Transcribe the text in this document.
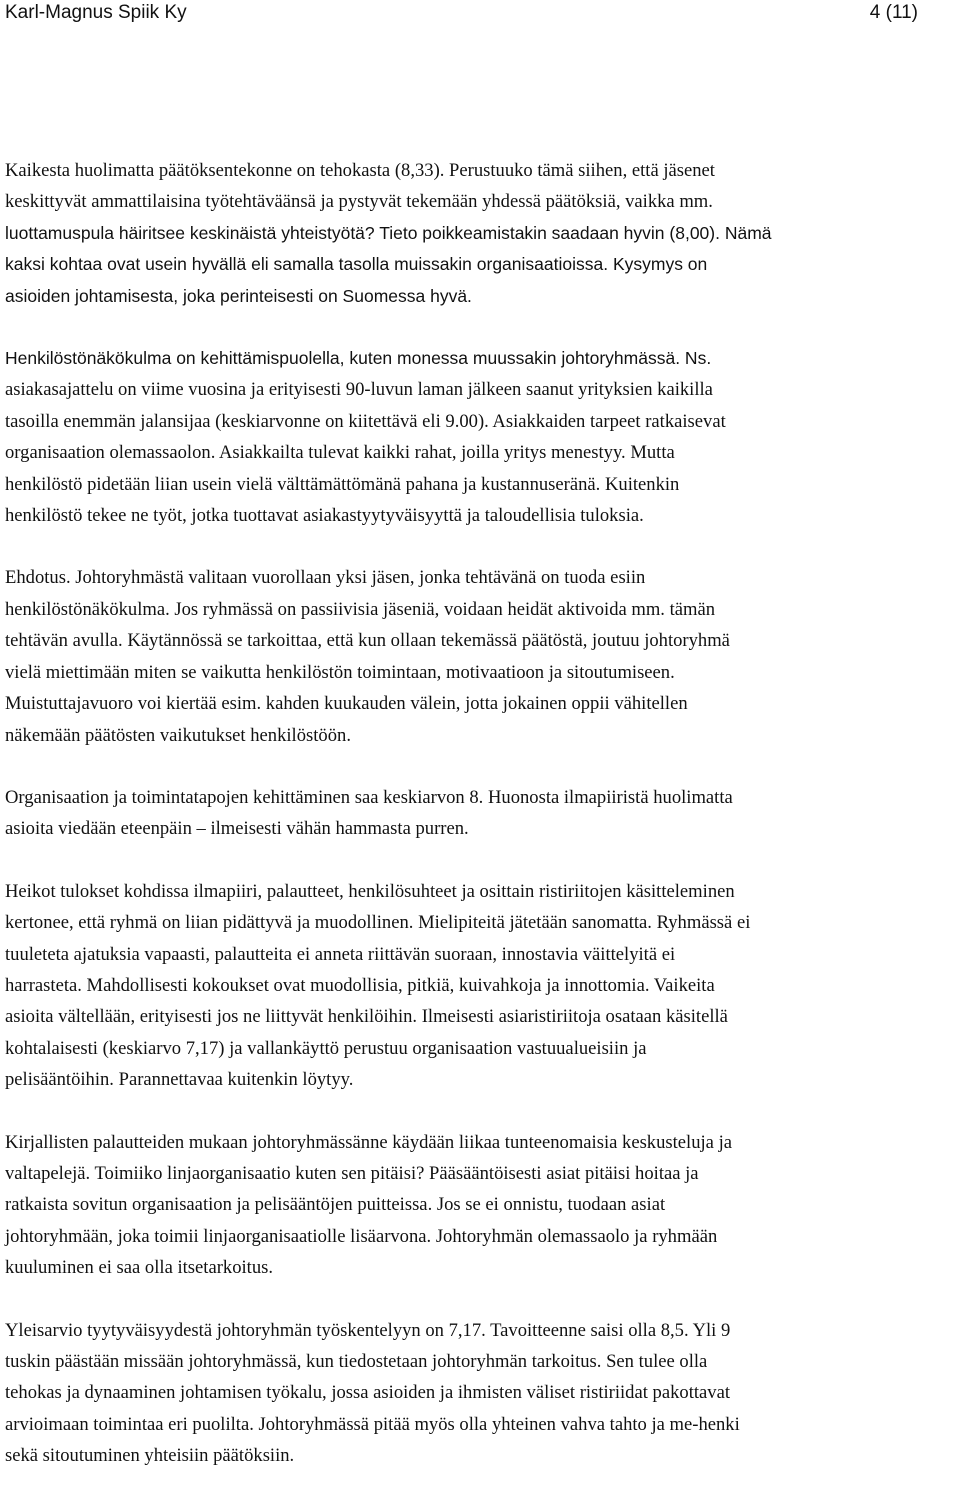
Karl-Magnus Spiik Ky	4 (11)
Kaikesta huolimatta päätöksentekonne on tehokasta (8,33). Perustuuko tämä siihen, että jäsenet
keskittyvät ammattilaisina työtehtäväänsä ja pystyvät tekemään yhdessä päätöksiä, vaikka mm.
luottamuspula häiritsee keskinäistä yhteistyötä? Tieto poikkeamistakin saadaan hyvin (8,00). Nämä
kaksi kohtaa ovat usein hyvällä eli samalla tasolla muissakin organisaatioissa. Kysymys on
asioiden johtamisesta, joka perinteisesti on Suomessa hyvä.
Henkilöstönäkökulma on kehittämispuolella, kuten monessa muussakin johtoryhmässä. Ns.
asiakasajattelu on viime vuosina ja erityisesti 90-luvun laman jälkeen saanut yrityksien kaikilla
tasoilla enemmän jalansijaa (keskiarvonne on kiitettävä eli 9.00). Asiakkaiden tarpeet ratkaisevat
organisaation olemassaolon. Asiakkailta tulevat kaikki rahat, joilla yritys menestyy. Mutta
henkilöstö pidetään liian usein vielä välttämättömänä pahana ja kustannuseränä. Kuitenkin
henkilöstö tekee ne työt, jotka tuottavat asiakastyytyväisyyttä ja taloudellisia tuloksia.
Ehdotus. Johtoryhmästä valitaan vuorollaan yksi jäsen, jonka tehtävänä on tuoda esiin
henkilöstönäkökulma. Jos ryhmässä on passiivisia jäseniä, voidaan heidät aktivoida mm. tämän
tehtävän avulla. Käytännössä se tarkoittaa, että kun ollaan tekemässä päätöstä, joutuu johtoryhmä
vielä miettimään miten se vaikutta henkilöstön toimintaan, motivaatioon ja sitoutumiseen.
Muistuttajavuoro voi kiertää esim. kahden kuukauden välein, jotta jokainen oppii vähitellen
näkemään päätösten vaikutukset henkilöstöön.
Organisaation ja toimintatapojen kehittäminen saa keskiarvon 8. Huonosta ilmapiiristä huolimatta
asioita viedään eteenpäin – ilmeisesti vähän hammasta purren.
Heikot tulokset kohdissa ilmapiiri, palautteet, henkilösuhteet ja osittain ristiriitojen käsitteleminen
kertonee, että ryhmä on liian pidättyvä ja muodollinen. Mielipiteitä jätetään sanomatta. Ryhmässä ei
tuuleteta ajatuksia vapaasti, palautteita ei anneta riittävän suoraan, innostavia väittelyitä ei
harrasteta. Mahdollisesti kokoukset ovat muodollisia, pitkiä, kuivahkoja ja innottomia. Vaikeita
asioita vältellään, erityisesti jos ne liittyvät henkilöihin. Ilmeisesti asiaristiriitoja osataan käsitellä
kohtalaisesti (keskiarvo 7,17) ja vallankäyttö perustuu organisaation vastuualueisiin ja
pelisääntöihin. Parannettavaa kuitenkin löytyy.
Kirjallisten palautteiden mukaan johtoryhmässänne käydään liikaa tunteenomaisia keskusteluja ja
valtapelejä. Toimiiko linjaorganisaatio kuten sen pitäisi? Pääsääntöisesti asiat pitäisi hoitaa ja
ratkaista sovitun organisaation ja pelisääntöjen puitteissa. Jos se ei onnistu, tuodaan asiat
johtoryhmään, joka toimii linjaorganisaatiolle lisäarvona. Johtoryhmän olemassaolo ja ryhmään
kuuluminen ei saa olla itsetarkoitus.
Yleisarvio tyytyväisyydestä johtoryhmän työskentelyyn on 7,17. Tavoitteenne saisi olla 8,5. Yli 9
tuskin päästään missään johtoryhmässä, kun tiedostetaan johtoryhmän tarkoitus. Sen tulee olla
tehokas ja dynaaminen johtamisen työkalu, jossa asioiden ja ihmisten väliset ristiriidat pakottavat
arvioimaan toimintaa eri puolilta. Johtoryhmässä pitää myös olla yhteinen vahva tahto ja me-henki
sekä sitoutuminen yhteisiin päätöksiin.
